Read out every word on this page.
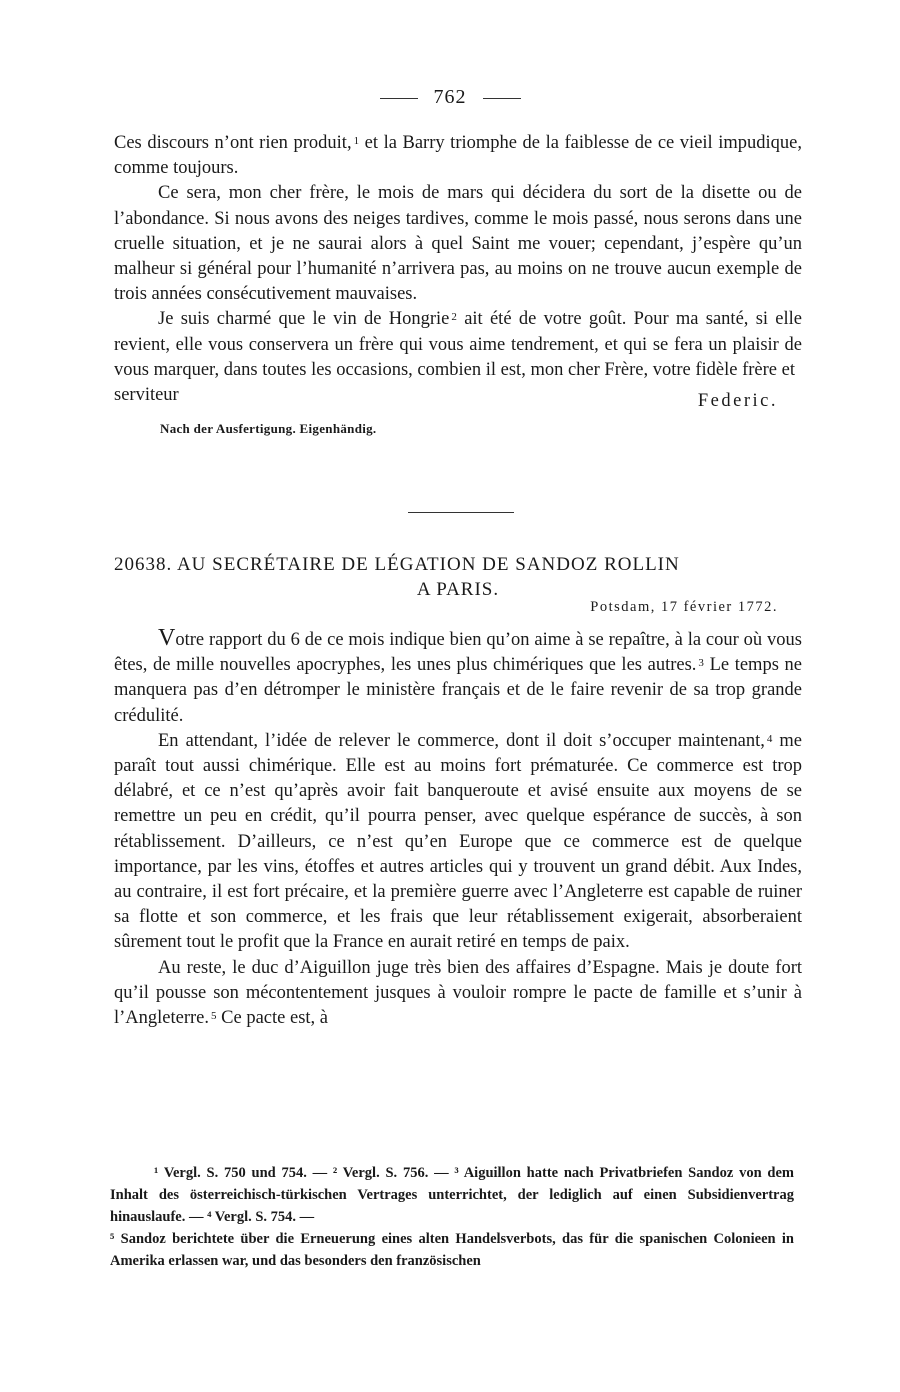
762

Ces discours n’ont rien produit, $^1$ et la Barry triomphe de la faiblesse de ce vieil impudique, comme toujours.

Ce sera, mon cher frère, le mois de mars qui décidera du sort de la disette ou de l’abondance. Si nous avons des neiges tardives, comme le mois passé, nous serons dans une cruelle situation, et je ne saurai alors à quel Saint me vouer; cependant, j’espère qu’un malheur si général pour l’humanité n’arrivera pas, au moins on ne trouve aucun exemple de trois années consécutivement mauvaises.

Je suis charmé que le vin de Hongrie $^2$ ait été de votre goût. Pour ma santé, si elle revient, elle vous conservera un frère qui vous aime tendrement, et qui se fera un plaisir de vous marquer, dans toutes les occasions, combien il est, mon cher Frère, votre fidèle frère et

serviteur	Federic.
Nach der Ausfertigung. Eigenhändig.
20638. AU SECRÉTAIRE DE LÉGATION DE SANDOZ ROLLIN
A PARIS.
Potsdam, 17 février 1772.

Votre rapport du 6 de ce mois indique bien qu’on aime à se repaître, à la cour où vous êtes, de mille nouvelles apocryphes, les unes plus chimériques que les autres. $^3$ Le temps ne manquera pas d’en détromper le ministère français et de le faire revenir de sa trop grande crédulité.

En attendant, l’idée de relever le commerce, dont il doit s’occuper maintenant, $^4$ me paraît tout aussi chimérique. Elle est au moins fort prématurée. Ce commerce est trop délabré, et ce n’est qu’après avoir fait banqueroute et avisé ensuite aux moyens de se remettre un peu en crédit, qu’il pourra penser, avec quelque espérance de succès, à son rétablissement. D’ailleurs, ce n’est qu’en Europe que ce commerce est de quelque importance, par les vins, étoffes et autres articles qui y trouvent un grand débit. Aux Indes, au contraire, il est fort précaire, et la première guerre avec l’Angleterre est capable de ruiner sa flotte et son commerce, et les frais que leur rétablissement exigerait, absorberaient sûrement tout le profit que la France en aurait retiré en temps de paix.

Au reste, le duc d’Aiguillon juge très bien des affaires d’Espagne. Mais je doute fort qu’il pousse son mécontentement jusques à vouloir rompre le pacte de famille et s’unir à l’Angleterre. $^5$ Ce pacte est, à

¹ Vergl. S. 750 und 754. — ² Vergl. S. 756. — ³ Aiguillon hatte nach Privatbriefen Sandoz von dem Inhalt des österreichisch-türkischen Vertrages unterrichtet, der lediglich auf einen Subsidienvertrag hinauslaufe. — ⁴ Vergl. S. 754. —

⁵ Sandoz berichtete über die Erneuerung eines alten Handelsverbots, das für die spanischen Colonieen in Amerika erlassen war, und das besonders den französischen
